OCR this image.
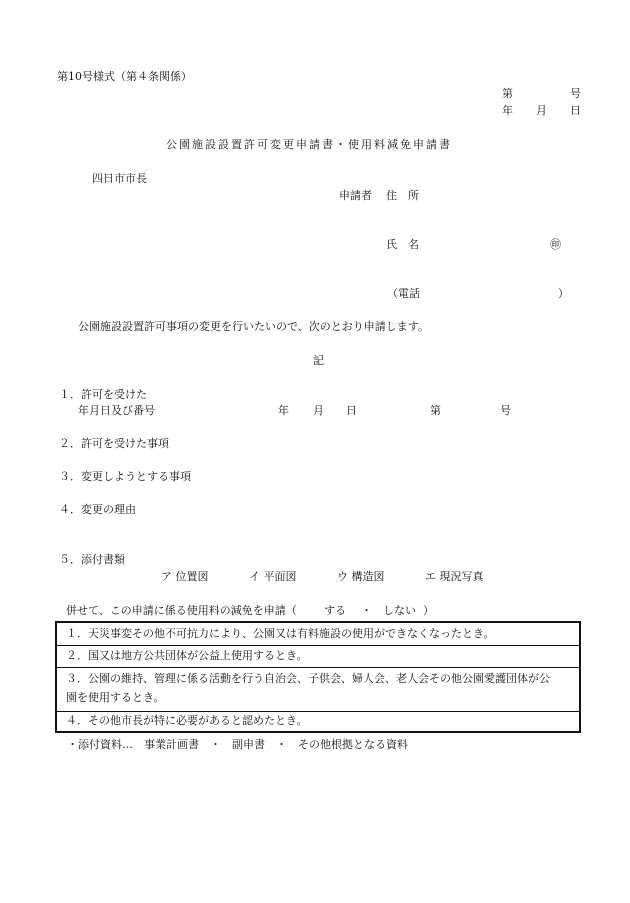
第10号様式（第４条関係）
第	号
年 月 日
公園施設設置許可変更申請書・使用料減免申請書
四日市市長
申請者 住　所
氏　名	㊞
（電話	）
公園施設設置許可事項の変更を行いたいので、次のとおり申請します。
記
１．許可を受けた
年月日及び番号	年 月 日	第	号
２．許可を受けた事項
３．変更しようとする事項
４．変更の理由
５．添付書類
ア 位置図	イ 平面図	ウ 構造図	エ 現況写真
併せて、この申請に係る使用料の減免を申請（ する ・ しない ）
１．天災事変その他不可抗力により、公園又は有料施設の使用ができなくなったとき。
２．国又は地方公共団体が公益上使用するとき。
３．公園の維持、管理に係る活動を行う自治会、子供会、婦人会、老人会その他公園愛護団体が公
園を使用するとき。
４．その他市長が特に必要があると認めたとき。
・添付資料…　事業計画書　・　副申書　・　その他根拠となる資料
